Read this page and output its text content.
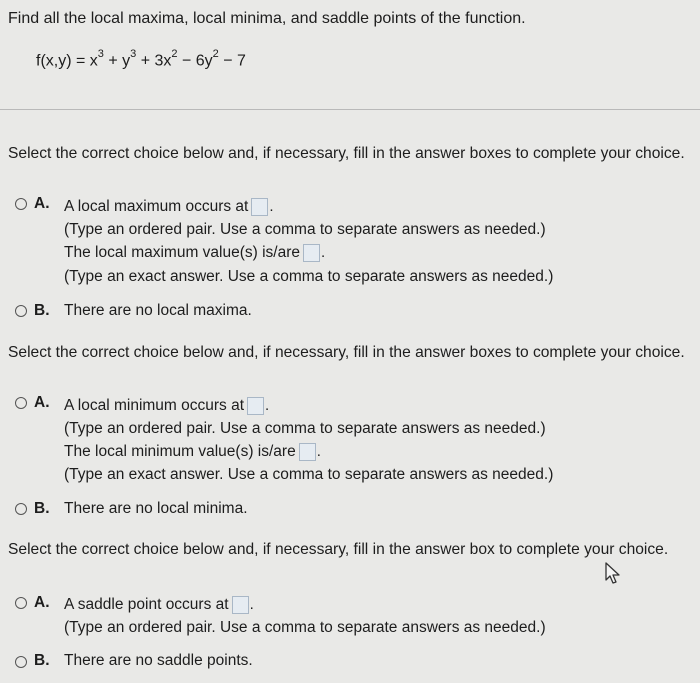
Find all the local maxima, local minima, and saddle points of the function.
$f(x,y) = x^3 + y^3 + 3x^2 - 6y^2 - 7$
Select the correct choice below and, if necessary, fill in the answer boxes to complete your choice.
A. A local maximum occurs at .
(Type an ordered pair. Use a comma to separate answers as needed.)
The local maximum value(s) is/are .
(Type an exact answer. Use a comma to separate answers as needed.)
B. There are no local maxima.
Select the correct choice below and, if necessary, fill in the answer boxes to complete your choice.
A. A local minimum occurs at .
(Type an ordered pair. Use a comma to separate answers as needed.)
The local minimum value(s) is/are .
(Type an exact answer. Use a comma to separate answers as needed.)
B. There are no local minima.
Select the correct choice below and, if necessary, fill in the answer box to complete your choice.
A. A saddle point occurs at .
(Type an ordered pair. Use a comma to separate answers as needed.)
B. There are no saddle points.
